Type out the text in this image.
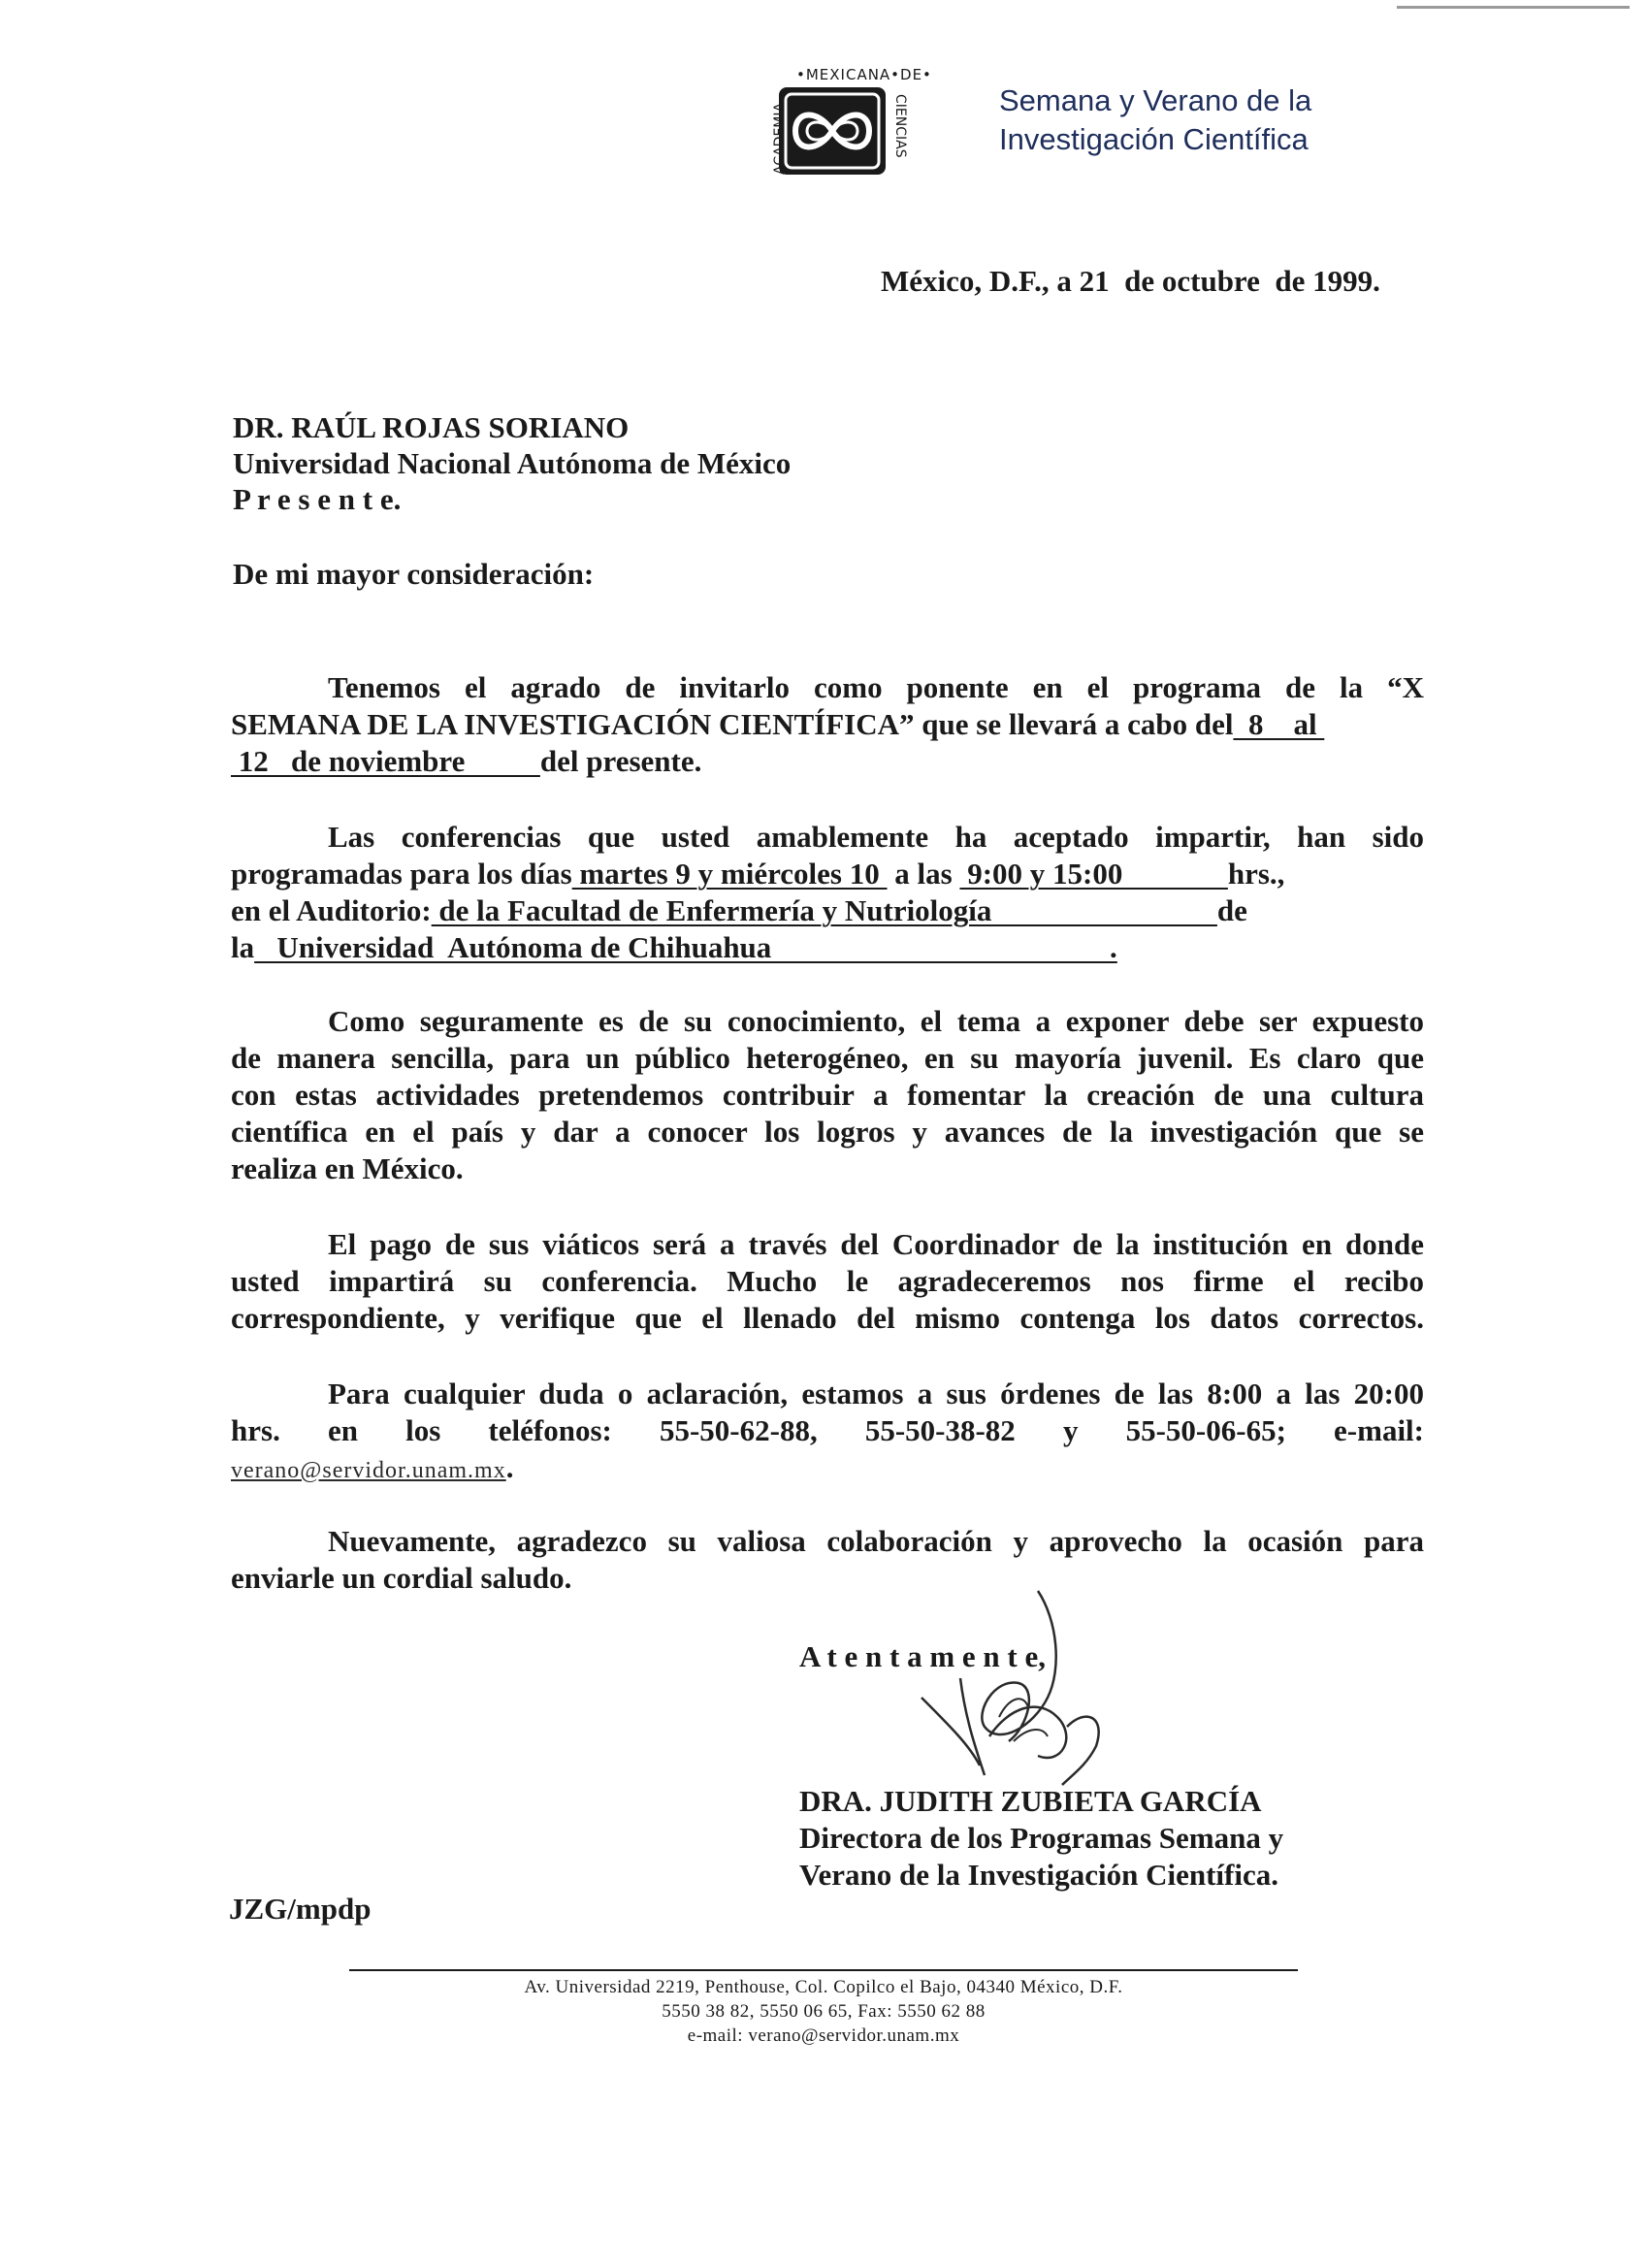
ACADEMIA
•MEXICANA•DE•
CIENCIAS	Semana y Verano de la
Investigación Científica
México, D.F., a 21  de octubre  de 1999.
DR. RAÚL ROJAS SORIANO
Universidad Nacional Autónoma de México
P r e s e n t e.
De mi mayor consideración:
Tenemos el agrado de invitarlo como ponente en el programa de la “X
SEMANA DE LA INVESTIGACIÓN CIENTÍFICA” que se llevará a cabo del  8    al
12   de noviembre          del presente.
Las conferencias que usted amablemente ha aceptado impartir, han sido
programadas para los días martes 9 y miércoles 10  a las  9:00 y 15:00              hrs.,
en el Auditorio: de la Facultad de Enfermería y Nutriología                              de
la   Universidad  Autónoma de Chihuahua                                             .
Como seguramente es de su conocimiento, el tema a exponer debe ser expuesto
de manera sencilla, para un público heterogéneo, en su mayoría juvenil. Es claro que
con estas actividades pretendemos contribuir a fomentar la creación de una cultura
científica en el país y dar a conocer los logros y avances de la investigación que se
realiza en México.
El pago de sus viáticos será a través del Coordinador de la institución en donde
usted impartirá su conferencia. Mucho le agradeceremos nos firme el recibo
correspondiente, y verifique que el llenado del mismo contenga los datos correctos.
Para cualquier duda o aclaración, estamos a sus órdenes de las 8:00 a las 20:00
hrs. en los teléfonos: 55-50-62-88, 55-50-38-82 y 55-50-06-65; e-mail:
verano@servidor.unam.mx.
Nuevamente, agradezco su valiosa colaboración y aprovecho la ocasión para
enviarle un cordial saludo.
A t e n t a m e n t e,
DRA. JUDITH ZUBIETA GARCÍA
Directora de los Programas Semana y
Verano de la Investigación Científica.
JZG/mpdp
Av. Universidad 2219, Penthouse, Col. Copilco el Bajo, 04340 México, D.F.
5550 38 82, 5550 06 65, Fax: 5550 62 88
e-mail: verano@servidor.unam.mx
